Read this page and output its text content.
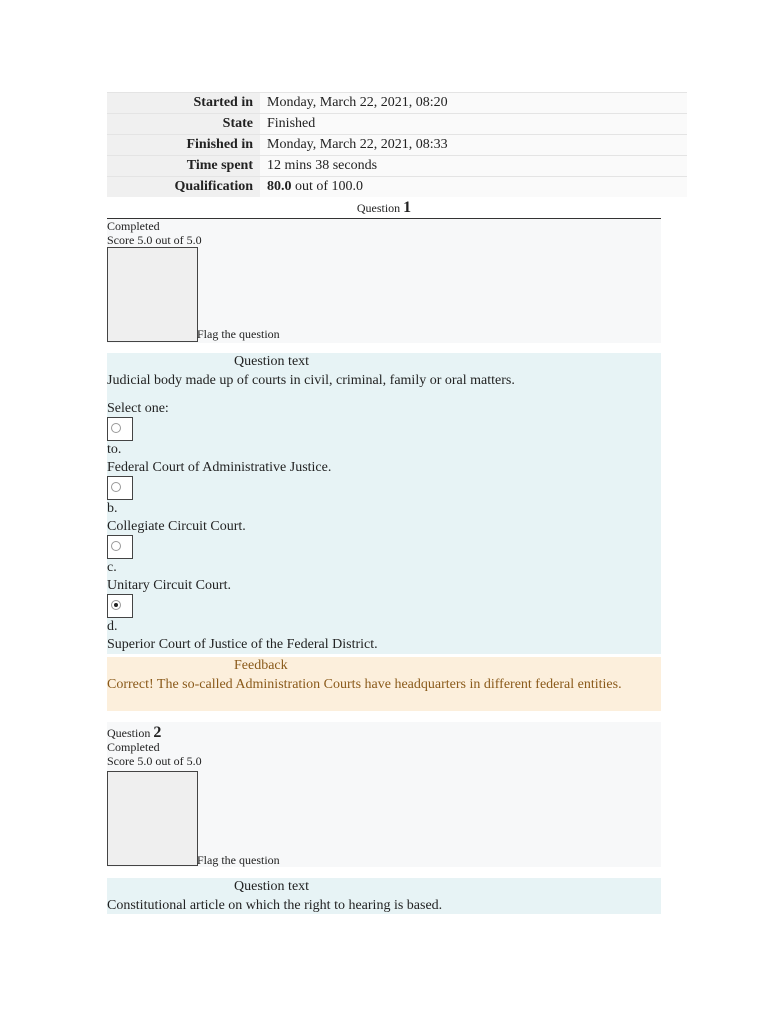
Started in	Monday, March 22, 2021, 08:20
State	Finished
Finished in	Monday, March 22, 2021, 08:33
Time spent	12 mins 38 seconds
Qualification	80.0 out of 100.0
Question 1
Completed
Score 5.0 out of 5.0
Flag the question
Question text
Judicial body made up of courts in civil, criminal, family or oral matters.
Select one:
to.
Federal Court of Administrative Justice.
b.
Collegiate Circuit Court.
c.
Unitary Circuit Court.
d.
Superior Court of Justice of the Federal District.
Feedback
Correct! The so-called Administration Courts have headquarters in different federal entities.
Question 2
Completed
Score 5.0 out of 5.0
Flag the question
Question text
Constitutional article on which the right to hearing is based.
